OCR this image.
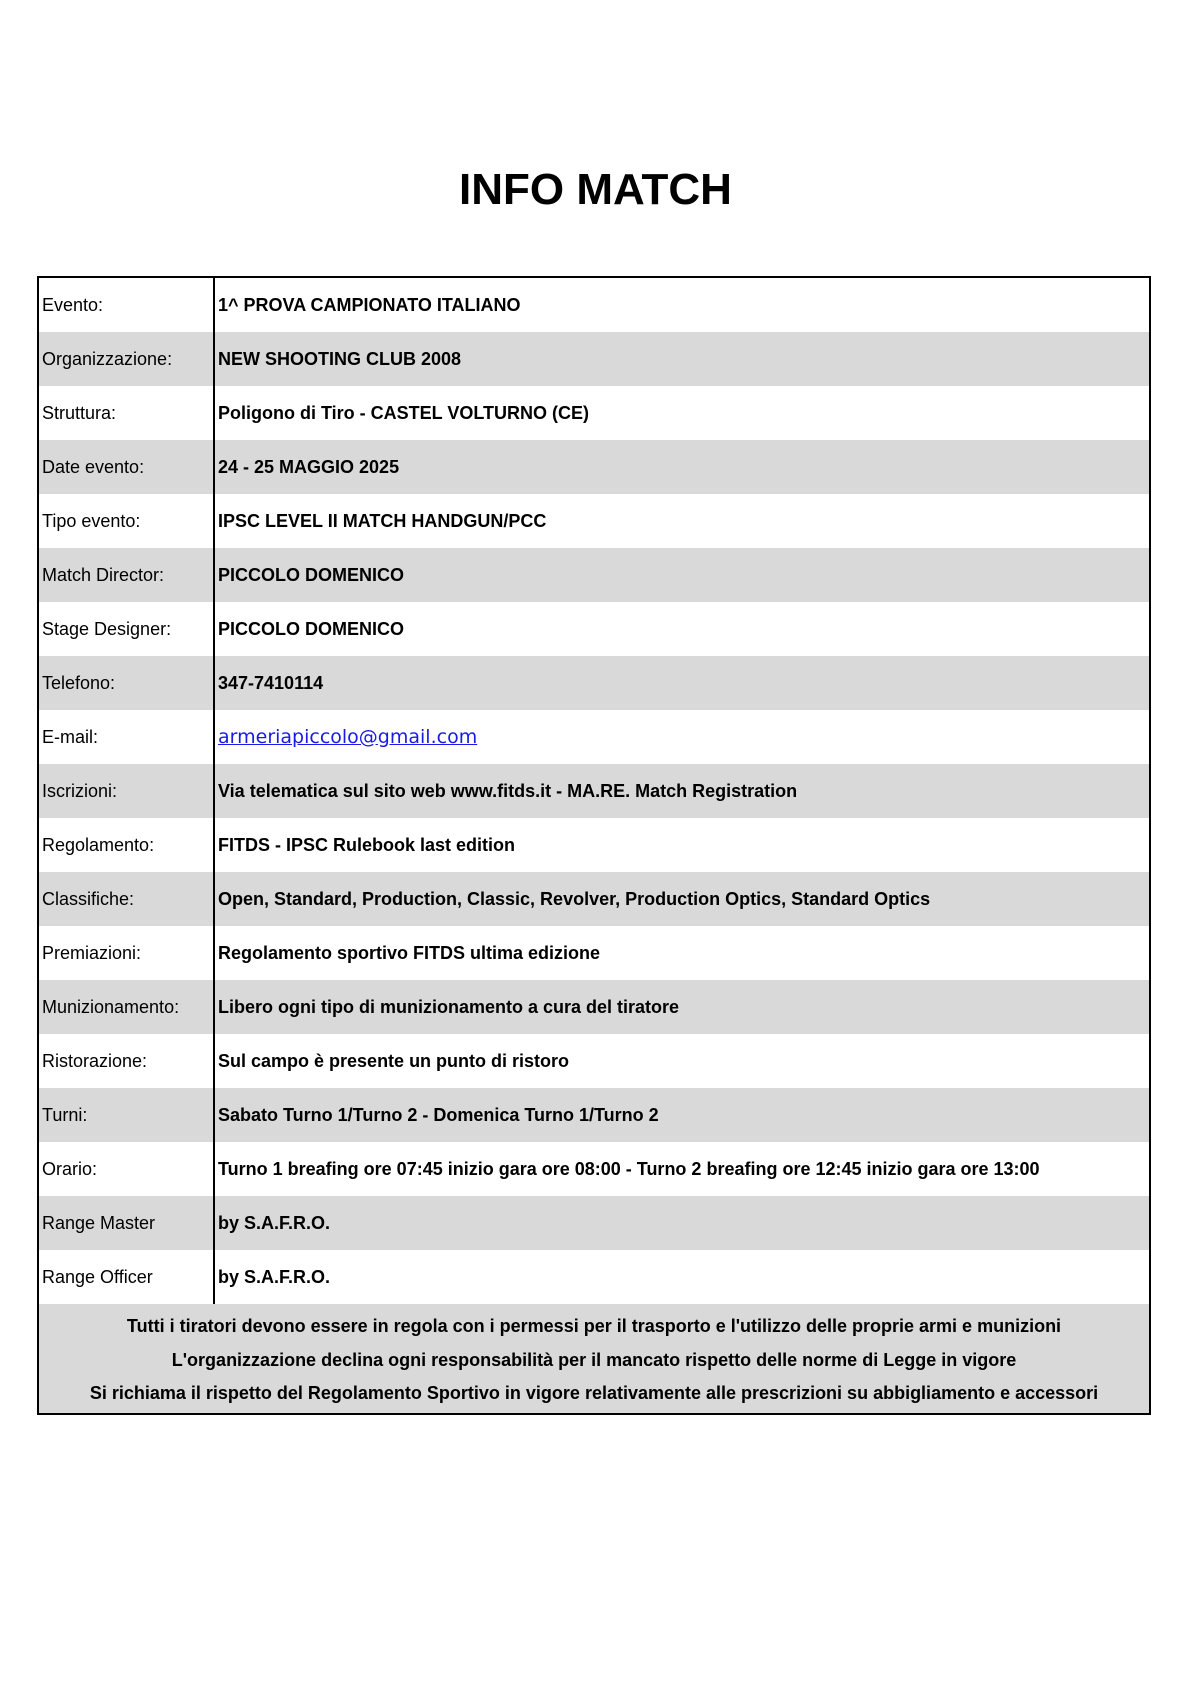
INFO MATCH
Evento:	1^ PROVA CAMPIONATO ITALIANO
Organizzazione:	NEW SHOOTING CLUB 2008
Struttura:	Poligono di Tiro - CASTEL VOLTURNO (CE)
Date evento:	24 - 25 MAGGIO 2025
Tipo evento:	IPSC LEVEL II MATCH HANDGUN/PCC
Match Director:	PICCOLO DOMENICO
Stage Designer:	PICCOLO DOMENICO
Telefono:	347-7410114
E-mail:	armeriapiccolo@gmail.com
Iscrizioni:	Via telematica sul sito web www.fitds.it - MA.RE. Match Registration
Regolamento:	FITDS - IPSC Rulebook last edition
Classifiche:	Open, Standard, Production, Classic, Revolver, Production Optics, Standard Optics
Premiazioni:	Regolamento sportivo FITDS ultima edizione
Munizionamento:	Libero ogni tipo di munizionamento a cura del tiratore
Ristorazione:	Sul campo è presente un punto di ristoro
Turni:	Sabato Turno 1/Turno 2 - Domenica Turno 1/Turno 2
Orario:	Turno 1 breafing ore 07:45 inizio gara ore 08:00 - Turno 2 breafing ore 12:45 inizio gara ore 13:00
Range Master	by S.A.F.R.O.
Range Officer	by S.A.F.R.O.

Tutti i tiratori devono essere in regola con i permessi per il trasporto e l'utilizzo delle proprie armi e munizioni

L'organizzazione declina ogni responsabilità per il mancato rispetto delle norme di Legge in vigore

Si richiama il rispetto del Regolamento Sportivo in vigore relativamente alle prescrizioni su abbigliamento e accessori
